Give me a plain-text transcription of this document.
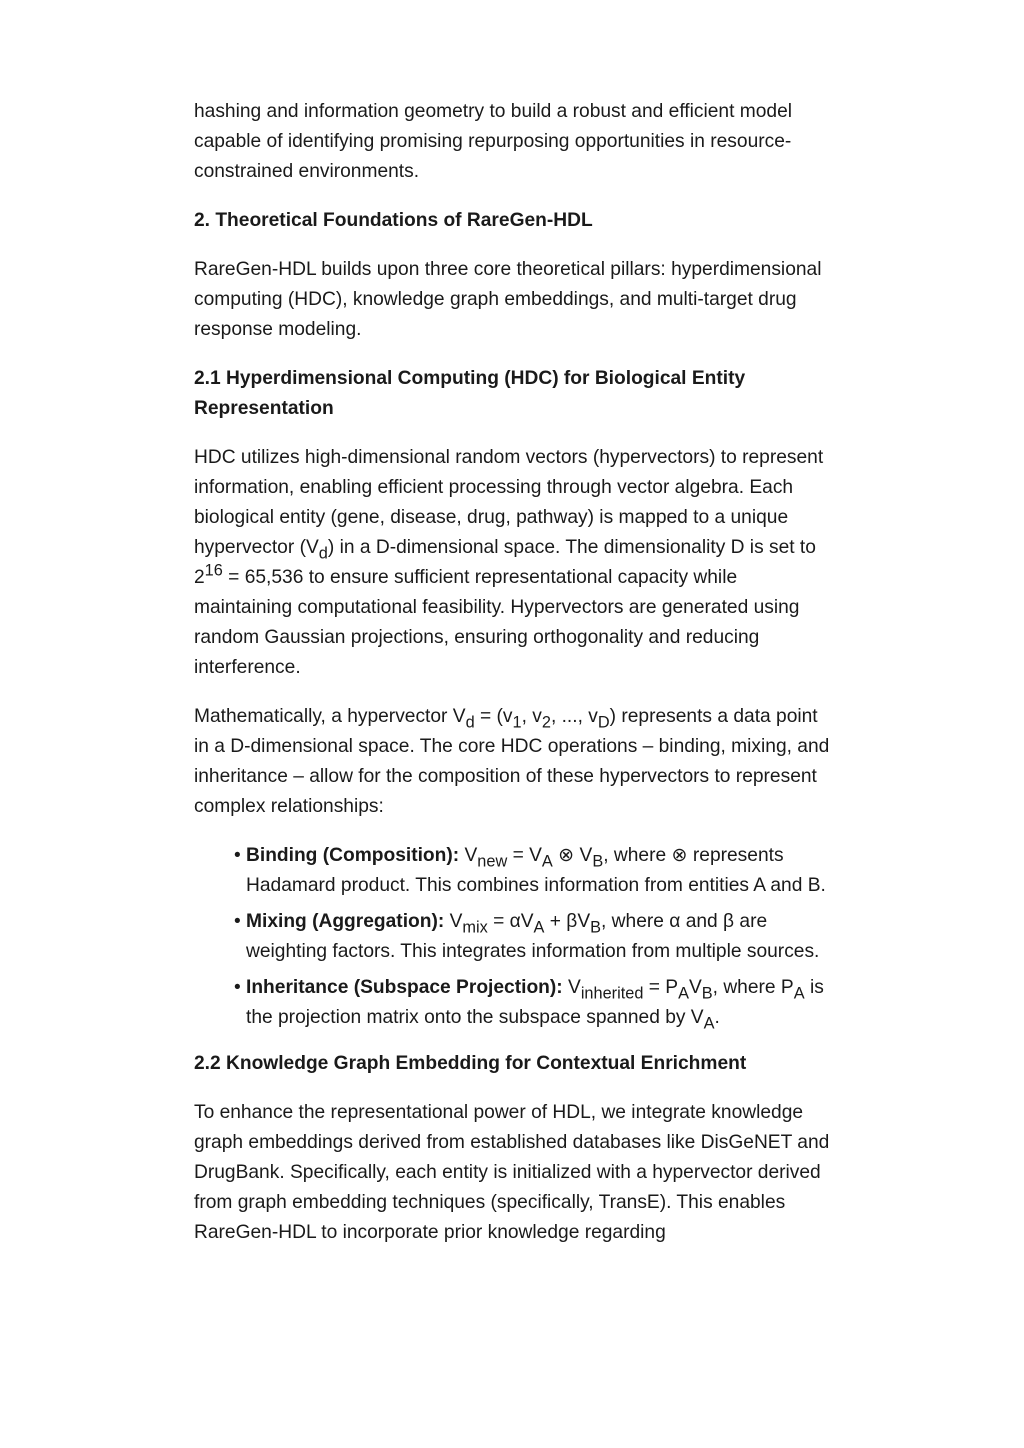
hashing and information geometry to build a robust and efficient model capable of identifying promising repurposing opportunities in resource-constrained environments.

2. Theoretical Foundations of RareGen-HDL

RareGen-HDL builds upon three core theoretical pillars: hyperdimensional computing (HDC), knowledge graph embeddings, and multi-target drug response modeling.

2.1 Hyperdimensional Computing (HDC) for Biological Entity Representation

HDC utilizes high-dimensional random vectors (hypervectors) to represent information, enabling efficient processing through vector algebra. Each biological entity (gene, disease, drug, pathway) is mapped to a unique hypervector $(V_d)$ in a D-dimensional space. The dimensionality D is set to $2^{16} = 65,536$ to ensure sufficient representational capacity while maintaining computational feasibility. Hypervectors are generated using random Gaussian projections, ensuring orthogonality and reducing interference.

Mathematically, a hypervector $V_d = (v_1$, $v_2$, ..., $v_D$) represents a data point in a D-dimensional space. The core HDC operations – binding, mixing, and inheritance – allow for the composition of these hypervectors to represent complex relationships:

• Binding (Composition): $V_{new} = V_A$ ⊗ $V_B$, where ⊗ represents Hadamard product. This combines information from entities A and B.
• Mixing (Aggregation): $V_{mix} = \alpha V_A + \beta V_B$, where α and β are weighting factors. This integrates information from multiple sources.
• Inheritance (Subspace Projection): $V_{inherited} = P_AV_B$, where $P_A$ is the projection matrix onto the subspace spanned by $V_A$.
2.2 Knowledge Graph Embedding for Contextual Enrichment

To enhance the representational power of HDL, we integrate knowledge graph embeddings derived from established databases like DisGeNET and DrugBank. Specifically, each entity is initialized with a hypervector derived from graph embedding techniques (specifically, TransE). This enables RareGen-HDL to incorporate prior knowledge regarding
